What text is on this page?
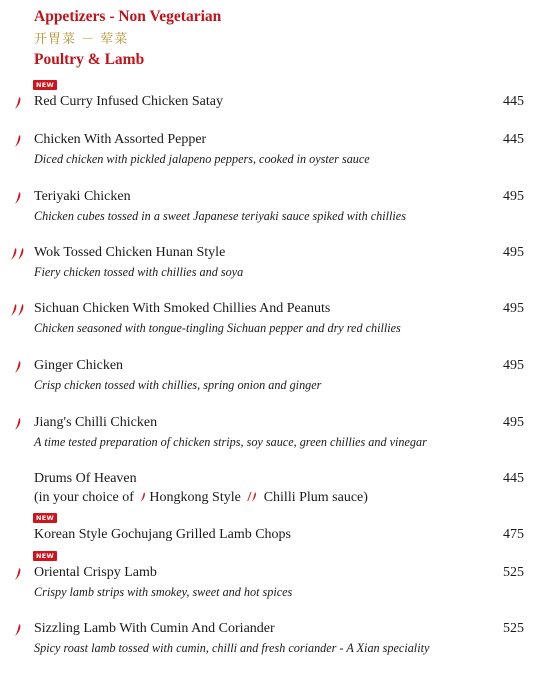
Appetizers - Non Vegetarian
开胃菜 － 荤菜
Poultry & Lamb
NEW
Red Curry Infused Chicken Satay	445
Chicken With Assorted Pepper	445
Diced chicken with pickled jalapeno peppers, cooked in oyster sauce
Teriyaki Chicken	495
Chicken cubes tossed in a sweet Japanese teriyaki sauce spiked with chillies
Wok Tossed Chicken Hunan Style	495
Fiery chicken tossed with chillies and soya
Sichuan Chicken With Smoked Chillies And Peanuts	495
Chicken seasoned with tongue-tingling Sichuan pepper and dry red chillies
Ginger Chicken	495
Crisp chicken tossed with chillies, spring onion and ginger
Jiang's Chilli Chicken	495
A time tested preparation of chicken strips, soy sauce, green chillies and vinegar
Drums Of Heaven	445
(in your choice of Hongkong Style / Chilli Plum sauce)
NEW
Korean Style Gochujang Grilled Lamb Chops	475
NEW
Oriental Crispy Lamb	525
Crispy lamb strips with smokey, sweet and hot spices
Sizzling Lamb With Cumin And Coriander	525
Spicy roast lamb tossed with cumin, chilli and fresh coriander - A Xian speciality
